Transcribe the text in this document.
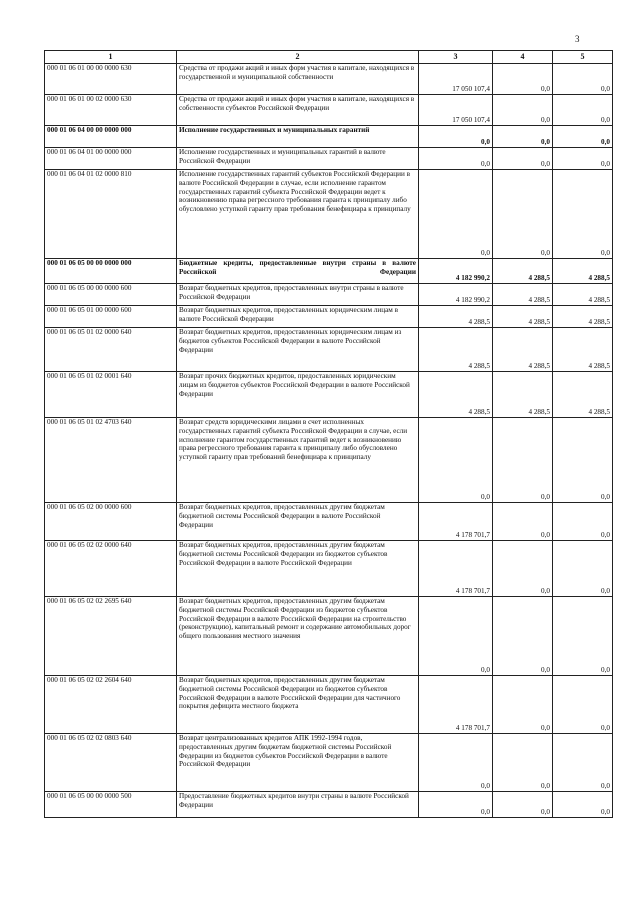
3
1	2	3	4	5
000 01 06 01 00 00 0000 630	Средства от продажи акций и иных форм участия в капитале, находящихся в государственной и муниципальной собственности	17 050 107,4	0,0	0,0
000 01 06 01 00 02 0000 630	Средства от продажи акций и иных форм участия в капитале, находящихся в собственности субъектов Российской Федерации	17 050 107,4	0,0	0,0
000 01 06 04 00 00 0000 000	Исполнение государственных и муниципальных гарантий	0,0	0,0	0,0
000 01 06 04 01 00 0000 000	Исполнение государственных и муниципальных гарантий в валюте Российской Федерации	0,0	0,0	0,0
000 01 06 04 01 02 0000 810	Исполнение государственных гарантий субъектов Российской Федерации в валюте Российской Федерации в случае, если исполнение гарантом государственных гарантий субъекта Российской Федерации ведет к возникновению права регрессного требования гаранта к принципалу либо обусловлено уступкой гаранту прав требования бенефициара к принципалу	0,0	0,0	0,0
000 01 06 05 00 00 0000 000	Бюджетные кредиты, предоставленные внутри страны в валюте Российской Федерации	4 182 990,2	4 288,5	4 288,5
000 01 06 05 00 00 0000 600	Возврат бюджетных кредитов, предоставленных внутри страны в валюте Российской Федерации	4 182 990,2	4 288,5	4 288,5
000 01 06 05 01 00 0000 600	Возврат бюджетных кредитов, предоставленных юридическим лицам в валюте Российской Федерации	4 288,5	4 288,5	4 288,5
000 01 06 05 01 02 0000 640	Возврат бюджетных кредитов, предоставленных юридическим лицам из бюджетов субъектов Российской Федерации в валюте Российской Федерации	4 288,5	4 288,5	4 288,5
000 01 06 05 01 02 0001 640	Возврат прочих бюджетных кредитов, предоставленных юридическим лицам из бюджетов субъектов Российской Федерации в валюте Российской Федерации	4 288,5	4 288,5	4 288,5
000 01 06 05 01 02 4703 640	Возврат средств юридическими лицами в счет исполненных государственных гарантий субъекта Российской Федерации в случае, если исполнение гарантом государственных гарантий ведет к возникновению права регрессного требования гаранта к принципалу либо обусловлено уступкой гаранту прав требований бенефициара к принципалу	0,0	0,0	0,0
000 01 06 05 02 00 0000 600	Возврат бюджетных кредитов, предоставленных другим бюджетам бюджетной системы Российской Федерации в валюте Российской Федерации	4 178 701,7	0,0	0,0
000 01 06 05 02 02 0000 640	Возврат бюджетных кредитов, предоставленных другим бюджетам бюджетной системы Российской Федерации из бюджетов субъектов Российской Федерации в валюте Российской Федерации	4 178 701,7	0,0	0,0
000 01 06 05 02 02 2695 640	Возврат бюджетных кредитов, предоставленных другим бюджетам бюджетной системы Российской Федерации из бюджетов субъектов Российской Федерации в валюте Российской Федерации на строительство (реконструкцию), капитальный ремонт и содержание автомобильных дорог общего пользования местного значения	0,0	0,0	0,0
000 01 06 05 02 02 2604 640	Возврат бюджетных кредитов, предоставленных другим бюджетам бюджетной системы Российской Федерации из бюджетов субъектов Российской Федерации в валюте Российской Федерации для частичного покрытия дефицита местного бюджета	4 178 701,7	0,0	0,0
000 01 06 05 02 02 0803 640	Возврат централизованных кредитов АПК 1992-1994 годов, предоставленных другим бюджетам бюджетной системы Российской Федерации из бюджетов субъектов Российской Федерации в валюте Российской Федерации	0,0	0,0	0,0
000 01 06 05 00 00 0000 500	Предоставление бюджетных кредитов внутри страны в валюте Российской Федерации	0,0	0,0	0,0
